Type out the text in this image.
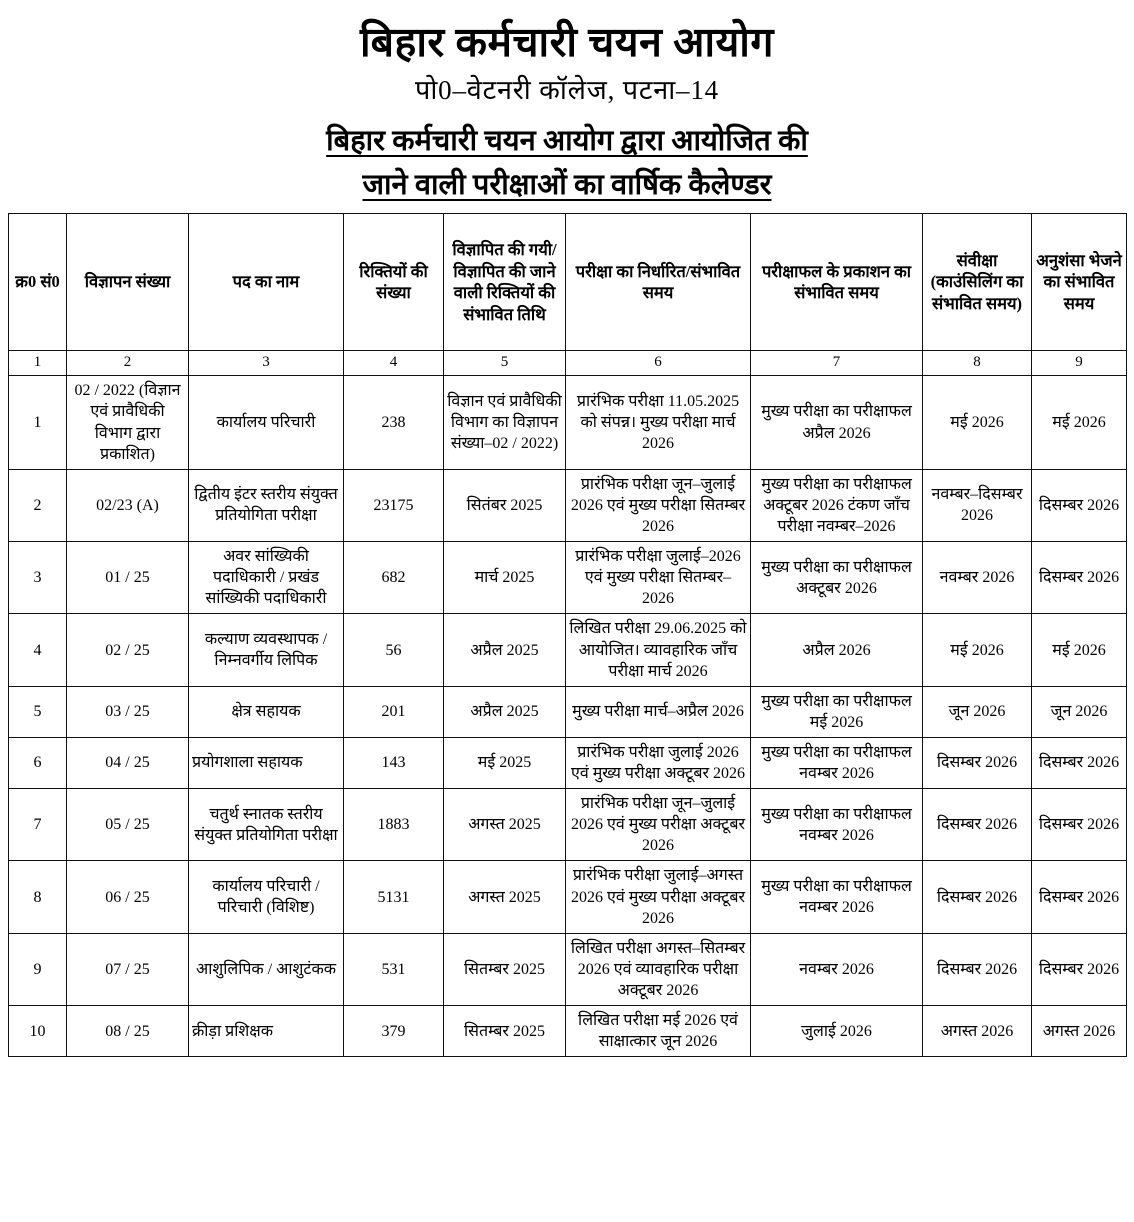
बिहार कर्मचारी चयन आयोग
पो0–वेटनरी कॉलेज, पटना–14
बिहार कर्मचारी चयन आयोग द्वारा आयोजित की
जाने वाली परीक्षाओं का वार्षिक कैलेण्डर
क्र0 सं0	विज्ञापन संख्या	पद का नाम	रिक्तियों की संख्या	विज्ञापित की गयी/विज्ञापित की जाने वाली रिक्तियों की संभावित तिथि	परीक्षा का निर्धारित/संभावित समय	परीक्षाफल के प्रकाशन का संभावित समय	संवीक्षा (काउंसिलिंग का संभावित समय)	अनुशंसा भेजने का संभावित समय
1	2	3	4	5	6	7	8	9
1	02 / 2022 (विज्ञान एवं प्रावैधिकी विभाग द्वारा प्रकाशित)	कार्यालय परिचारी	238	विज्ञान एवं प्रावैधिकी विभाग का विज्ञापन संख्या–02 / 2022)	प्रारंभिक परीक्षा 11.05.2025 को संपन्न। मुख्य परीक्षा मार्च 2026	मुख्य परीक्षा का परीक्षाफल अप्रैल 2026	मई 2026	मई 2026
2	02/23 (A)	द्वितीय इंटर स्तरीय संयुक्त प्रतियोगिता परीक्षा	23175	सितंबर 2025	प्रारंभिक परीक्षा जून–जुलाई 2026 एवं मुख्य परीक्षा सितम्बर 2026	मुख्य परीक्षा का परीक्षाफल अक्टूबर 2026 टंकण जाँच परीक्षा नवम्बर–2026	नवम्बर–दिसम्बर 2026	दिसम्बर 2026
3	01 / 25	अवर सांख्यिकी पदाधिकारी / प्रखंड सांख्यिकी पदाधिकारी	682	मार्च 2025	प्रारंभिक परीक्षा जुलाई–2026 एवं मुख्य परीक्षा सितम्बर–2026	मुख्य परीक्षा का परीक्षाफल अक्टूबर 2026	नवम्बर 2026	दिसम्बर 2026
4	02 / 25	कल्याण व्यवस्थापक / निम्नवर्गीय लिपिक	56	अप्रैल 2025	लिखित परीक्षा 29.06.2025 को आयोजित। व्यावहारिक जाँच परीक्षा मार्च 2026	अप्रैल 2026	मई 2026	मई 2026
5	03 / 25	क्षेत्र सहायक	201	अप्रैल 2025	मुख्य परीक्षा मार्च–अप्रैल 2026	मुख्य परीक्षा का परीक्षाफल मई 2026	जून 2026	जून 2026
6	04 / 25	प्रयोगशाला सहायक	143	मई 2025	प्रारंभिक परीक्षा जुलाई 2026 एवं मुख्य परीक्षा अक्टूबर 2026	मुख्य परीक्षा का परीक्षाफल नवम्बर 2026	दिसम्बर 2026	दिसम्बर 2026
7	05 / 25	चतुर्थ स्नातक स्तरीय संयुक्त प्रतियोगिता परीक्षा	1883	अगस्त 2025	प्रारंभिक परीक्षा जून–जुलाई 2026 एवं मुख्य परीक्षा अक्टूबर 2026	मुख्य परीक्षा का परीक्षाफल नवम्बर 2026	दिसम्बर 2026	दिसम्बर 2026
8	06 / 25	कार्यालय परिचारी / परिचारी (विशिष्ट)	5131	अगस्त 2025	प्रारंभिक परीक्षा जुलाई–अगस्त 2026 एवं मुख्य परीक्षा अक्टूबर 2026	मुख्य परीक्षा का परीक्षाफल नवम्बर 2026	दिसम्बर 2026	दिसम्बर 2026
9	07 / 25	आशुलिपिक / आशुटंकक	531	सितम्बर 2025	लिखित परीक्षा अगस्त–सितम्बर 2026 एवं व्यावहारिक परीक्षा अक्टूबर 2026	नवम्बर 2026	दिसम्बर 2026	दिसम्बर 2026
10	08 / 25	क्रीड़ा प्रशिक्षक	379	सितम्बर 2025	लिखित परीक्षा मई 2026 एवं साक्षात्कार जून 2026	जुलाई 2026	अगस्त 2026	अगस्त 2026
